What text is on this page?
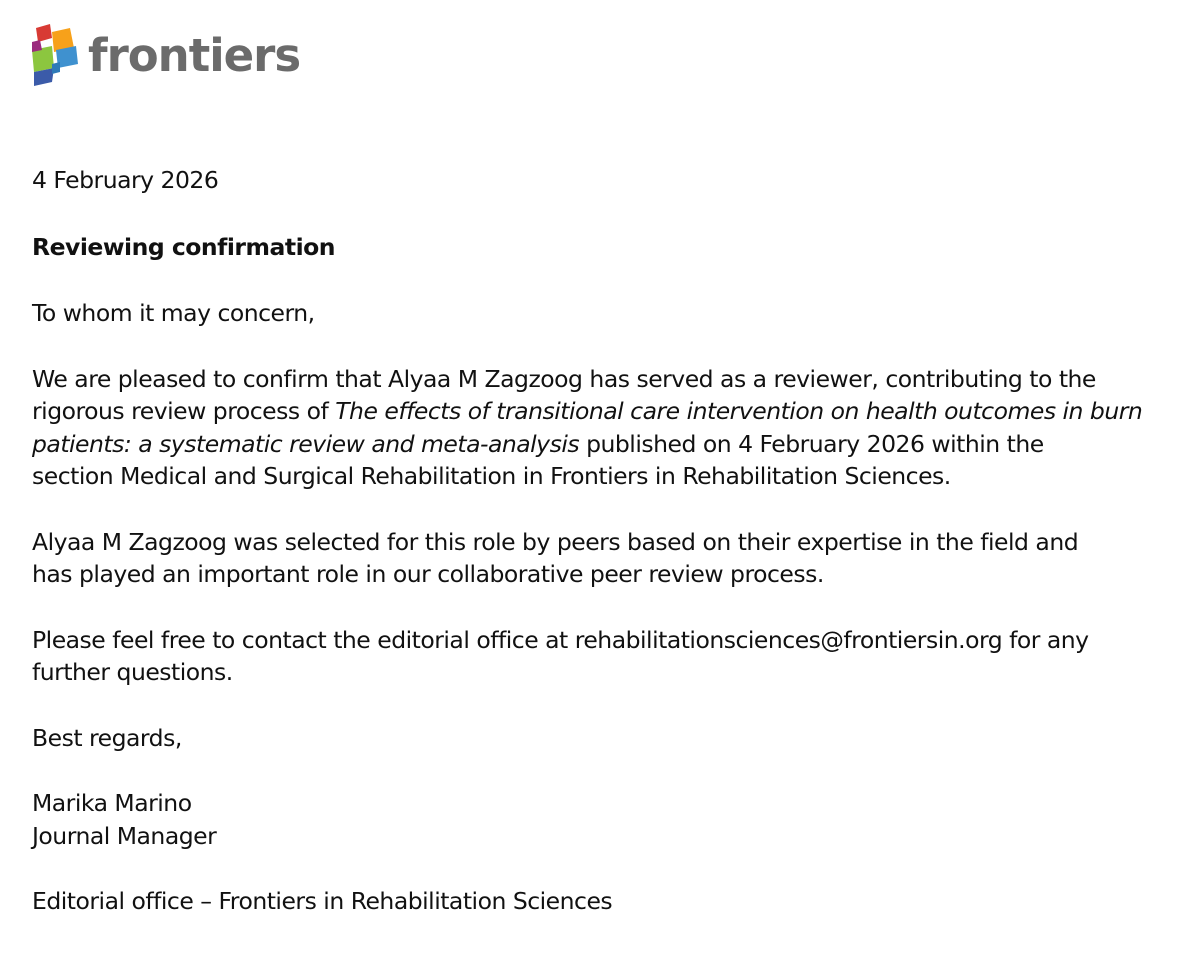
frontiers

4 February 2026

Reviewing confirmation

To whom it may concern,

We are pleased to confirm that Alyaa M Zagzoog has served as a reviewer, contributing to the
rigorous review process of The effects of transitional care intervention on health outcomes in burn
patients: a systematic review and meta-analysis published on 4 February 2026 within the
section Medical and Surgical Rehabilitation in Frontiers in Rehabilitation Sciences.

Alyaa M Zagzoog was selected for this role by peers based on their expertise in the field and
has played an important role in our collaborative peer review process.

Please feel free to contact the editorial office at rehabilitationsciences@frontiersin.org for any
further questions.

Best regards,

Marika Marino
Journal Manager

Editorial office – Frontiers in Rehabilitation Sciences
